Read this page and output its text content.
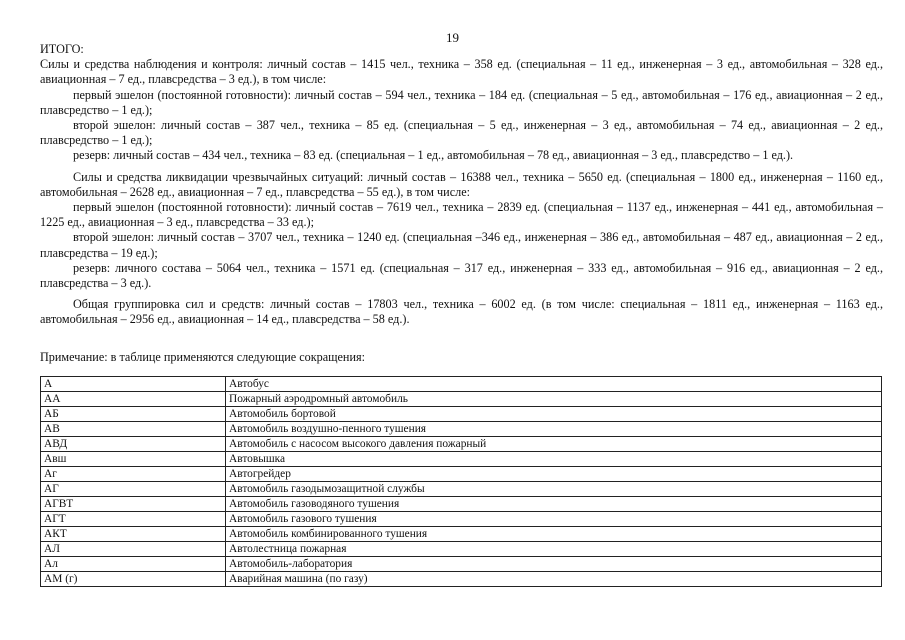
19

ИТОГО:

Силы и средства наблюдения и контроля: личный состав – 1415 чел., техника – 358 ед. (специальная – 11 ед., инженерная – 3 ед., автомобильная – 328 ед., авиационная – 7 ед., плавсредства – 3 ед.), в том числе:

первый эшелон (постоянной готовности): личный состав – 594 чел., техника – 184 ед. (специальная – 5 ед., автомобильная – 176 ед., авиационная – 2 ед., плавсредство – 1 ед.);

второй эшелон: личный состав – 387 чел., техника – 85 ед. (специальная – 5 ед., инженерная – 3 ед., автомобильная – 74 ед., авиационная – 2 ед., плавсредство – 1 ед.);

резерв: личный состав – 434 чел., техника – 83 ед. (специальная – 1 ед., автомобильная – 78 ед., авиационная – 3 ед., плавсредство – 1 ед.).

Силы и средства ликвидации чрезвычайных ситуаций: личный состав – 16388 чел., техника – 5650 ед. (специальная – 1800 ед., инженерная – 1160 ед., автомобильная – 2628 ед., авиационная – 7 ед., плавсредства – 55 ед.), в том числе:

первый эшелон (постоянной готовности): личный состав – 7619 чел., техника – 2839 ед. (специальная – 1137 ед., инженерная – 441 ед., автомобильная – 1225 ед., авиационная – 3 ед., плавсредства – 33 ед.);

второй эшелон: личный состав – 3707 чел., техника – 1240 ед. (специальная –346 ед., инженерная – 386 ед., автомобильная – 487 ед., авиационная – 2 ед., плавсредства – 19 ед.);

резерв: личного состава – 5064 чел., техника – 1571 ед. (специальная – 317 ед., инженерная – 333 ед., автомобильная – 916 ед., авиационная – 2 ед., плавсредства – 3 ед.).

Общая группировка сил и средств: личный состав – 17803 чел., техника – 6002 ед. (в том числе: специальная – 1811 ед., инженерная – 1163 ед., автомобильная – 2956 ед., авиационная – 14 ед., плавсредства – 58 ед.).

Примечание: в таблице применяются следующие сокращения:
А	Автобус
АА	Пожарный аэродромный автомобиль
АБ	Автомобиль бортовой
АВ	Автомобиль воздушно-пенного тушения
АВД	Автомобиль с насосом высокого давления пожарный
Авш	Автовышка
Аг	Автогрейдер
АГ	Автомобиль газодымозащитной службы
АГВТ	Автомобиль газоводяного тушения
АГТ	Автомобиль газового тушения
АКТ	Автомобиль комбинированного тушения
АЛ	Автолестница пожарная
Ал	Автомобиль-лаборатория
АМ (г)	Аварийная машина (по газу)
